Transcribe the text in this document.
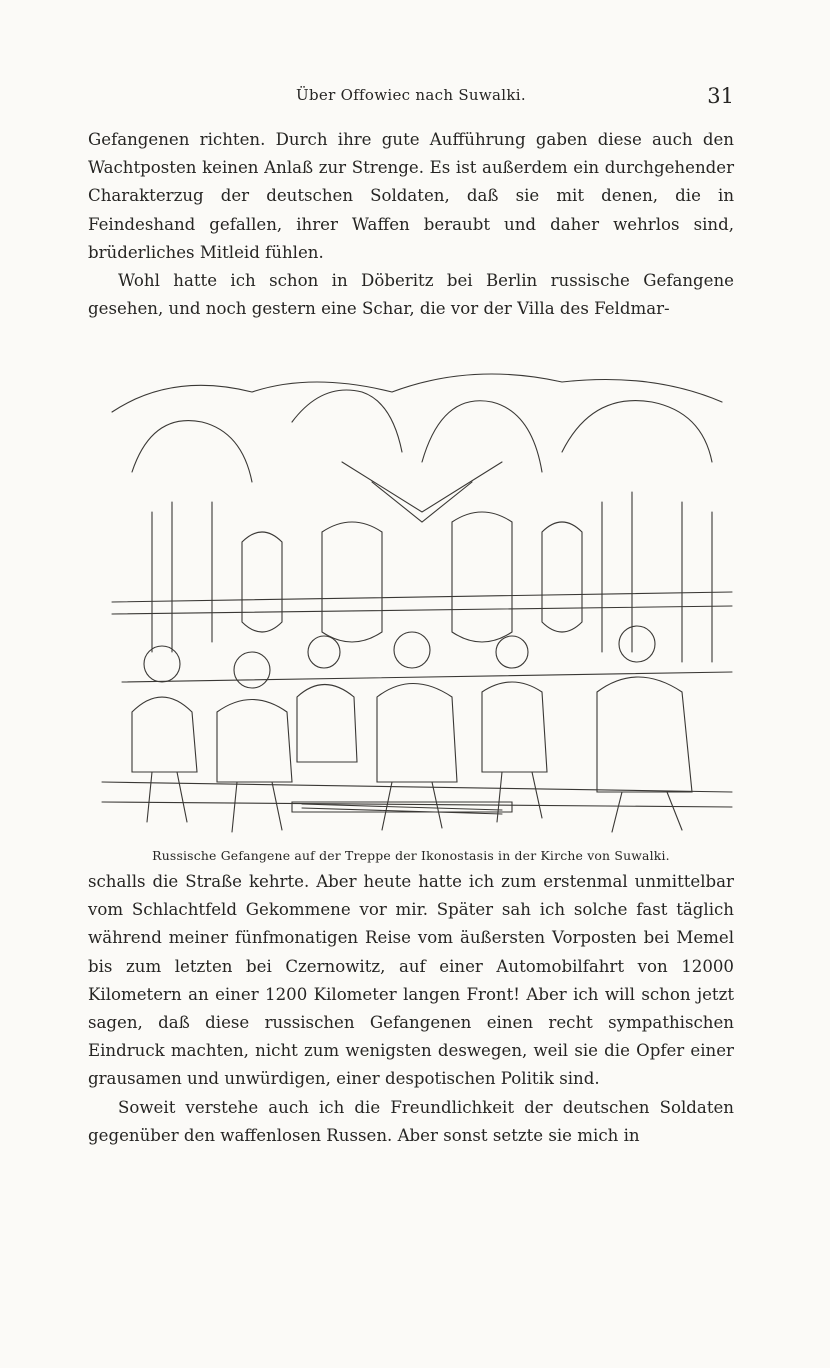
Über Offowiec nach Suwalki.	31

Gefangenen richten. Durch ihre gute Aufführung gaben diese auch den Wachtposten keinen Anlaß zur Strenge. Es ist außerdem ein durchgehender Charakterzug der deutschen Soldaten, daß sie mit denen, die in Feindeshand gefallen, ihrer Waffen beraubt und daher wehrlos sind, brüderliches Mitleid fühlen.

Wohl hatte ich schon in Döberitz bei Berlin russische Gefangene gesehen, und noch gestern eine Schar, die vor der Villa des Feldmar-

Russische Gefangene auf der Treppe der Ikonostasis in der Kirche von Suwalki.

schalls die Straße kehrte. Aber heute hatte ich zum erstenmal unmittelbar vom Schlachtfeld Gekommene vor mir. Später sah ich solche fast täglich während meiner fünfmonatigen Reise vom äußersten Vorposten bei Memel bis zum letzten bei Czernowitz, auf einer Automobilfahrt von 12000 Kilometern an einer 1200 Kilometer langen Front! Aber ich will schon jetzt sagen, daß diese russischen Gefangenen einen recht sympathischen Eindruck machten, nicht zum wenigsten deswegen, weil sie die Opfer einer grausamen und unwürdigen, einer despotischen Politik sind.

Soweit verstehe auch ich die Freundlichkeit der deutschen Soldaten gegenüber den waffenlosen Russen. Aber sonst setzte sie mich in
